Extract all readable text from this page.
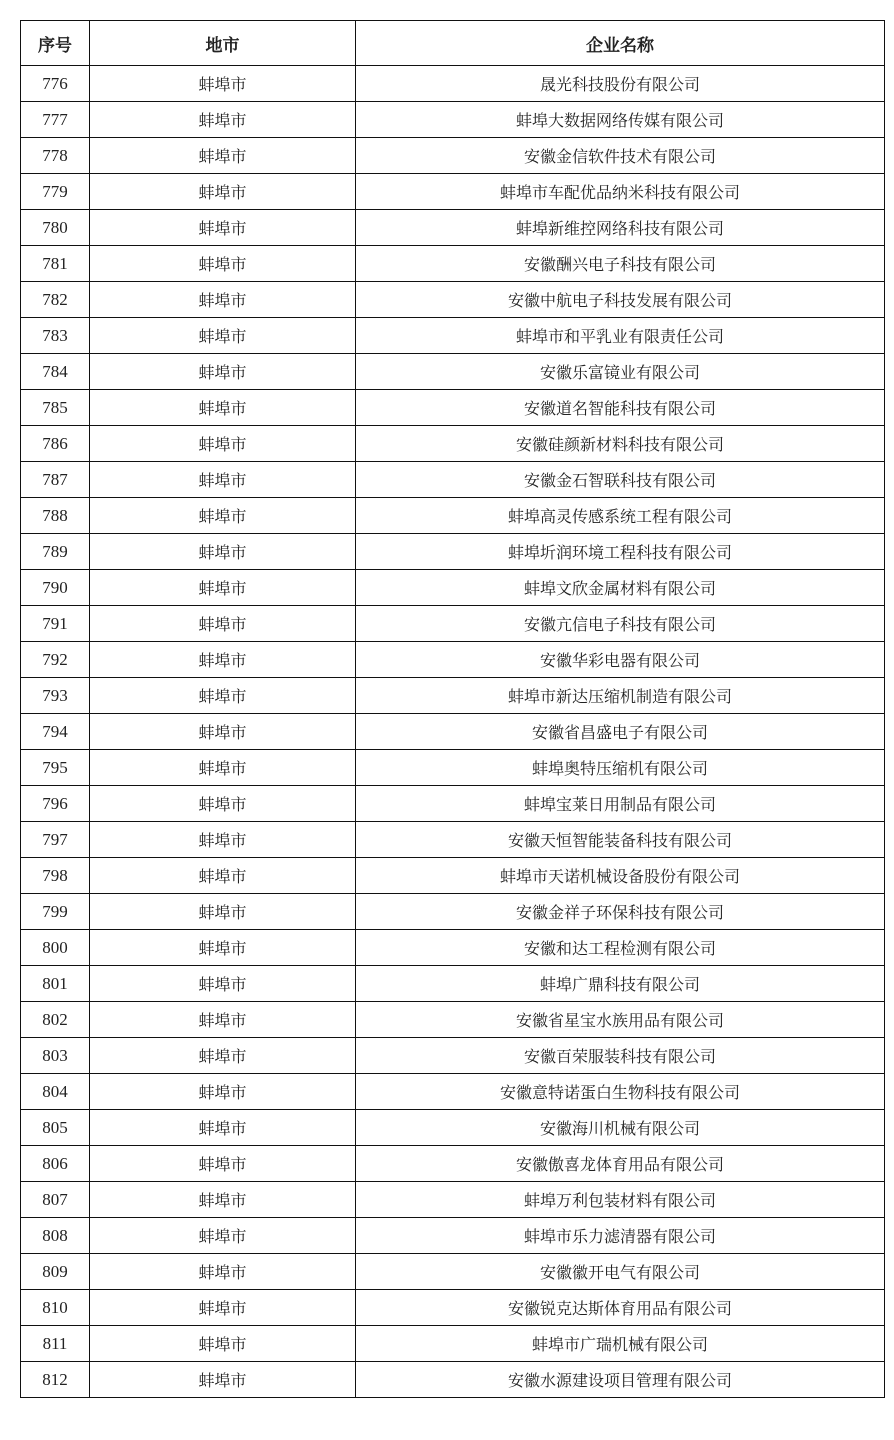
序号	地市	企业名称
776	蚌埠市	晟光科技股份有限公司
777	蚌埠市	蚌埠大数据网络传媒有限公司
778	蚌埠市	安徽金信软件技术有限公司
779	蚌埠市	蚌埠市车配优品纳米科技有限公司
780	蚌埠市	蚌埠新维控网络科技有限公司
781	蚌埠市	安徽酬兴电子科技有限公司
782	蚌埠市	安徽中航电子科技发展有限公司
783	蚌埠市	蚌埠市和平乳业有限责任公司
784	蚌埠市	安徽乐富镜业有限公司
785	蚌埠市	安徽道名智能科技有限公司
786	蚌埠市	安徽硅颜新材料科技有限公司
787	蚌埠市	安徽金石智联科技有限公司
788	蚌埠市	蚌埠高灵传感系统工程有限公司
789	蚌埠市	蚌埠圻润环境工程科技有限公司
790	蚌埠市	蚌埠文欣金属材料有限公司
791	蚌埠市	安徽亢信电子科技有限公司
792	蚌埠市	安徽华彩电器有限公司
793	蚌埠市	蚌埠市新达压缩机制造有限公司
794	蚌埠市	安徽省昌盛电子有限公司
795	蚌埠市	蚌埠奥特压缩机有限公司
796	蚌埠市	蚌埠宝莱日用制品有限公司
797	蚌埠市	安徽天恒智能装备科技有限公司
798	蚌埠市	蚌埠市天诺机械设备股份有限公司
799	蚌埠市	安徽金祥子环保科技有限公司
800	蚌埠市	安徽和达工程检测有限公司
801	蚌埠市	蚌埠广鼎科技有限公司
802	蚌埠市	安徽省星宝水族用品有限公司
803	蚌埠市	安徽百荣服装科技有限公司
804	蚌埠市	安徽意特诺蛋白生物科技有限公司
805	蚌埠市	安徽海川机械有限公司
806	蚌埠市	安徽傲喜龙体育用品有限公司
807	蚌埠市	蚌埠万利包装材料有限公司
808	蚌埠市	蚌埠市乐力滤清器有限公司
809	蚌埠市	安徽徽开电气有限公司
810	蚌埠市	安徽锐克达斯体育用品有限公司
811	蚌埠市	蚌埠市广瑞机械有限公司
812	蚌埠市	安徽水源建设项目管理有限公司
